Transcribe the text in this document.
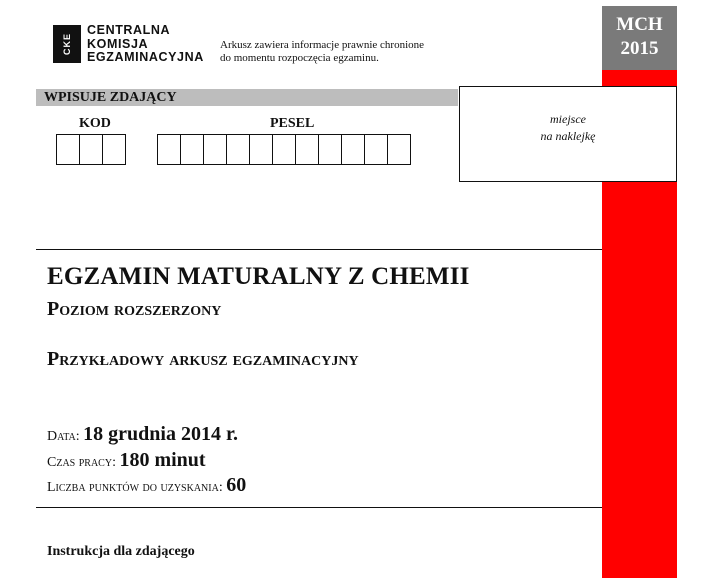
CKE
CENTRALNA
KOMISJA
EGZAMINACYJNA
Arkusz zawiera informacje prawnie chronione
do momentu rozpoczęcia egzaminu.
MCH
2015
WPISUJE ZDAJĄCY
miejsce
na naklejkę
KOD	PESEL
EGZAMIN MATURALNY Z CHEMII
Poziom rozszerzony
Przykładowy arkusz egzaminacyjny
Data: 18 grudnia 2014 r.
Czas pracy: 180 minut
Liczba punktów do uzyskania: 60
Instrukcja dla zdającego
